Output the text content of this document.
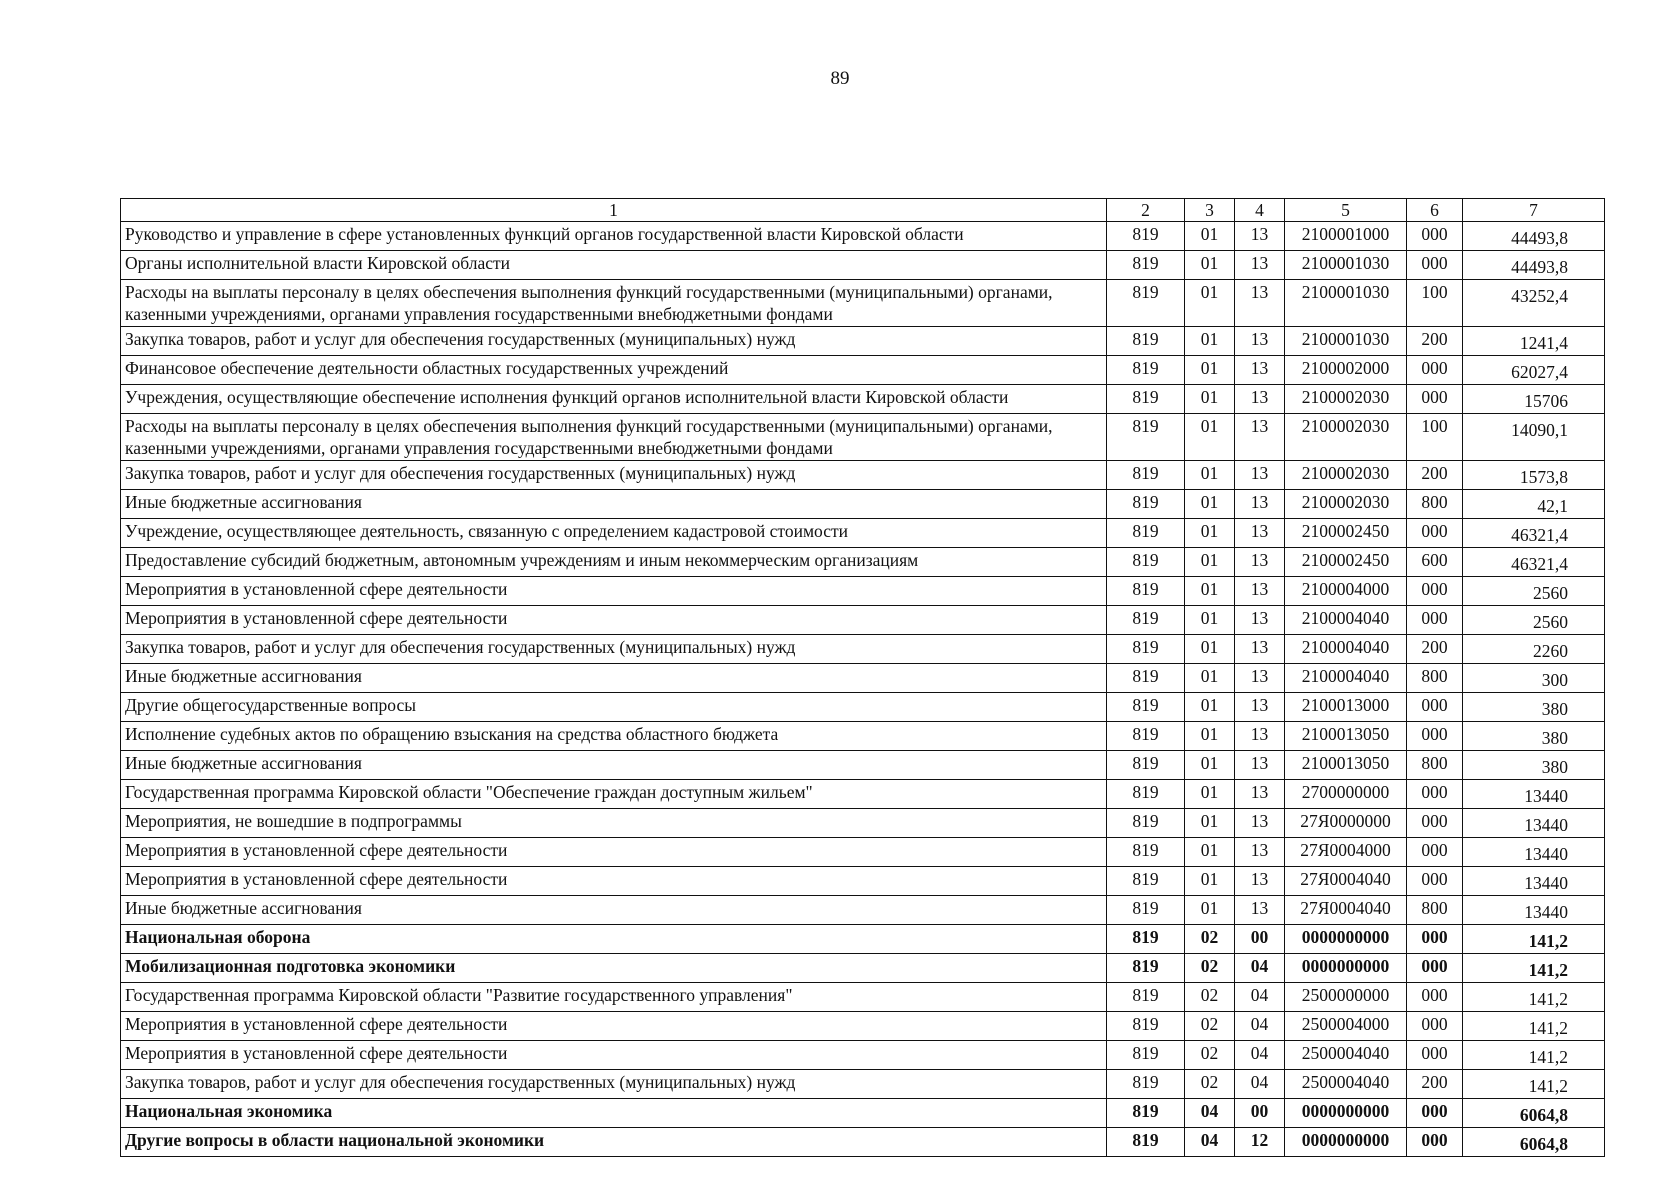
89
1	2	3	4	5	6	7
Руководство и управление в сфере установленных функций органов государственной власти Кировской области	819	01	13	2100001000	000	44493,8
Органы исполнительной власти Кировской области	819	01	13	2100001030	000	44493,8
Расходы на выплаты персоналу в целях обеспечения выполнения функций государственными (муниципальными) органами, казенными учреждениями, органами управления государственными внебюджетными фондами	819	01	13	2100001030	100	43252,4
Закупка товаров, работ и услуг для обеспечения государственных (муниципальных) нужд	819	01	13	2100001030	200	1241,4
Финансовое обеспечение деятельности областных государственных учреждений	819	01	13	2100002000	000	62027,4
Учреждения, осуществляющие обеспечение исполнения функций органов исполнительной власти Кировской области	819	01	13	2100002030	000	15706
Расходы на выплаты персоналу в целях обеспечения выполнения функций государственными (муниципальными) органами, казенными учреждениями, органами управления государственными внебюджетными фондами	819	01	13	2100002030	100	14090,1
Закупка товаров, работ и услуг для обеспечения государственных (муниципальных) нужд	819	01	13	2100002030	200	1573,8
Иные бюджетные ассигнования	819	01	13	2100002030	800	42,1
Учреждение, осуществляющее деятельность, связанную с определением кадастровой стоимости	819	01	13	2100002450	000	46321,4
Предоставление субсидий бюджетным, автономным учреждениям и иным некоммерческим организациям	819	01	13	2100002450	600	46321,4
Мероприятия в установленной сфере деятельности	819	01	13	2100004000	000	2560
Мероприятия в установленной сфере деятельности	819	01	13	2100004040	000	2560
Закупка товаров, работ и услуг для обеспечения государственных (муниципальных) нужд	819	01	13	2100004040	200	2260
Иные бюджетные ассигнования	819	01	13	2100004040	800	300
Другие общегосударственные вопросы	819	01	13	2100013000	000	380
Исполнение судебных актов по обращению взыскания на средства областного бюджета	819	01	13	2100013050	000	380
Иные бюджетные ассигнования	819	01	13	2100013050	800	380
Государственная программа Кировской области "Обеспечение граждан доступным жильем"	819	01	13	2700000000	000	13440
Мероприятия, не вошедшие в подпрограммы	819	01	13	27Я0000000	000	13440
Мероприятия в установленной сфере деятельности	819	01	13	27Я0004000	000	13440
Мероприятия в установленной сфере деятельности	819	01	13	27Я0004040	000	13440
Иные бюджетные ассигнования	819	01	13	27Я0004040	800	13440
Национальная оборона	819	02	00	0000000000	000	141,2
Мобилизационная подготовка экономики	819	02	04	0000000000	000	141,2
Государственная программа Кировской области "Развитие государственного управления"	819	02	04	2500000000	000	141,2
Мероприятия в установленной сфере деятельности	819	02	04	2500004000	000	141,2
Мероприятия в установленной сфере деятельности	819	02	04	2500004040	000	141,2
Закупка товаров, работ и услуг для обеспечения государственных (муниципальных) нужд	819	02	04	2500004040	200	141,2
Национальная экономика	819	04	00	0000000000	000	6064,8
Другие вопросы в области национальной экономики	819	04	12	0000000000	000	6064,8
